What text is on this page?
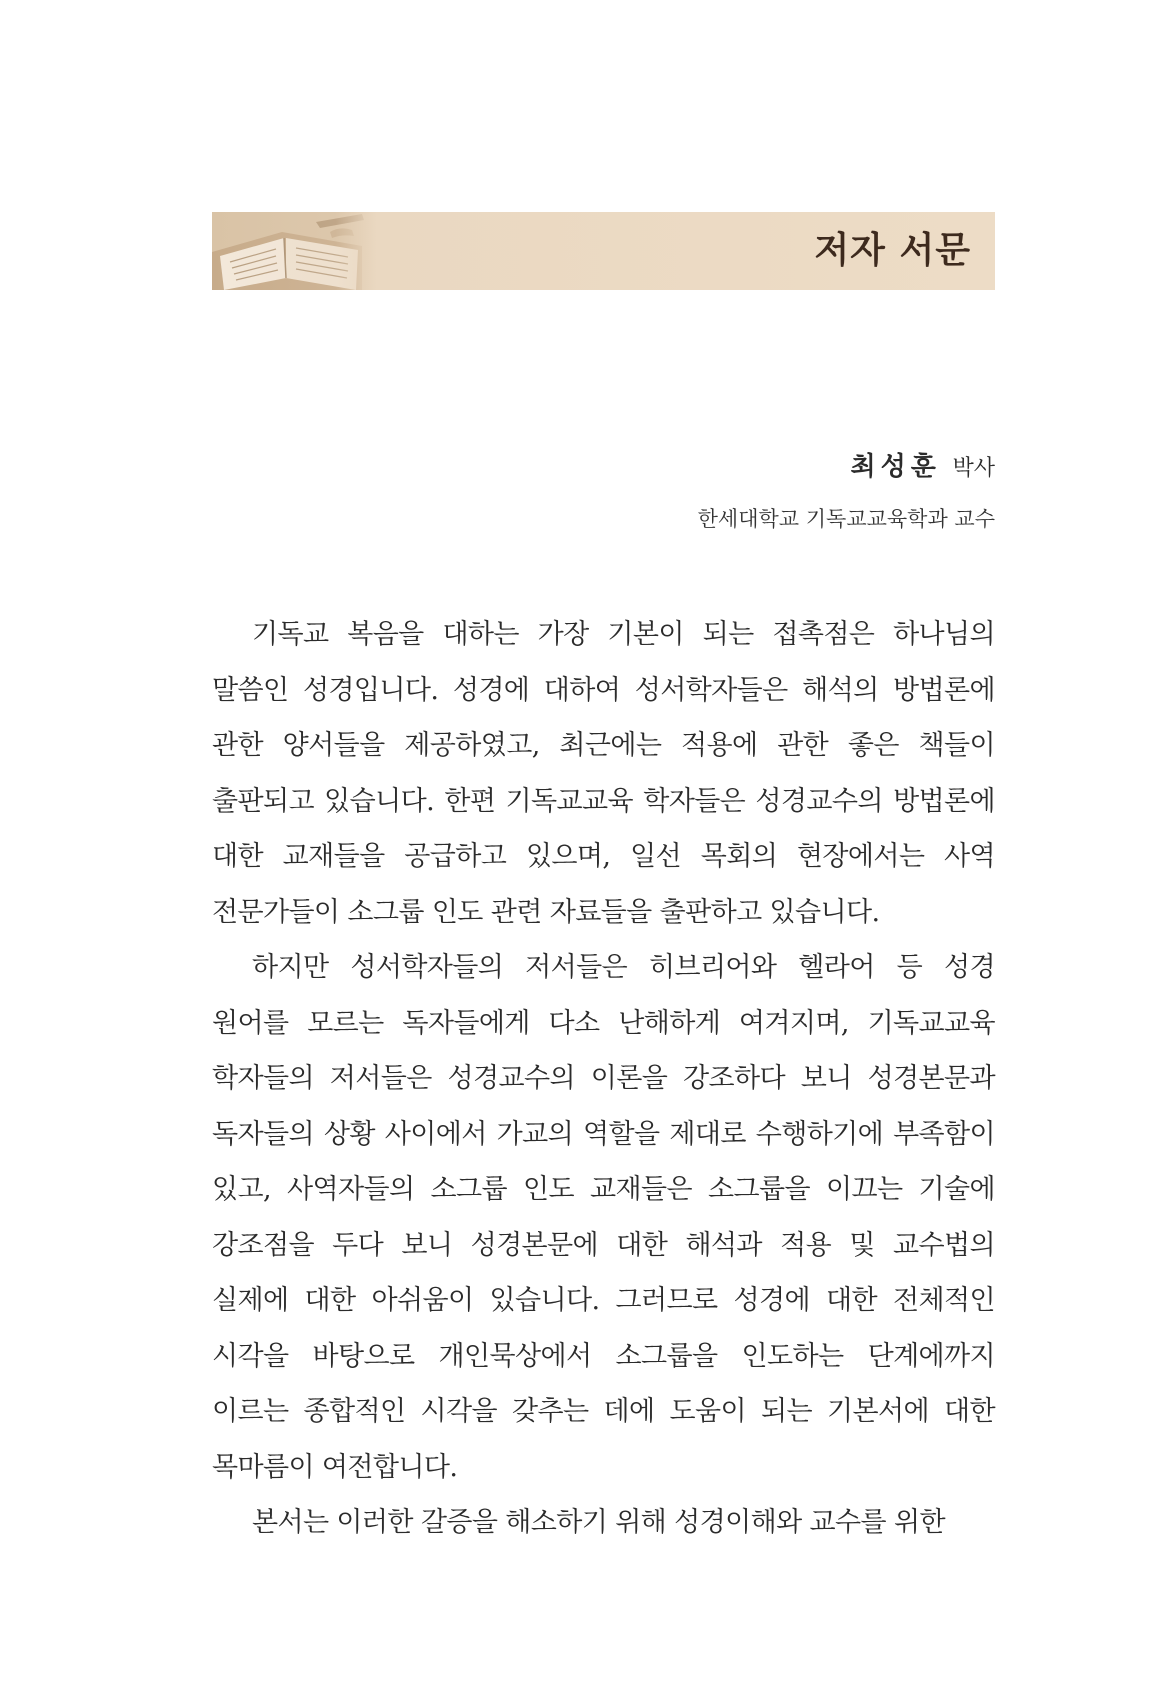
저자 서문
최성훈 박사
한세대학교 기독교교육학과 교수

기독교 복음을 대하는 가장 기본이 되는 접촉점은 하나님의 말씀인 성경입니다. 성경에 대하여 성서학자들은 해석의 방법론에 관한 양서들을 제공하였고, 최근에는 적용에 관한 좋은 책들이 출판되고 있습니다. 한편 기독교교육 학자들은 성경교수의 방법론에 대한 교재들을 공급하고 있으며, 일선 목회의 현장에서는 사역 전문가들이 소그룹 인도 관련 자료들을 출판하고 있습니다.

하지만 성서학자들의 저서들은 히브리어와 헬라어 등 성경 원어를 모르는 독자들에게 다소 난해하게 여겨지며, 기독교교육 학자들의 저서들은 성경교수의 이론을 강조하다 보니 성경본문과 독자들의 상황 사이에서 가교의 역할을 제대로 수행하기에 부족함이 있고, 사역자들의 소그룹 인도 교재들은 소그룹을 이끄는 기술에 강조점을 두다 보니 성경본문에 대한 해석과 적용 및 교수법의 실제에 대한 아쉬움이 있습니다. 그러므로 성경에 대한 전체적인 시각을 바탕으로 개인묵상에서 소그룹을 인도하는 단계에까지 이르는 종합적인 시각을 갖추는 데에 도움이 되는 기본서에 대한 목마름이 여전합니다.

본서는 이러한 갈증을 해소하기 위해 성경이해와 교수를 위한
